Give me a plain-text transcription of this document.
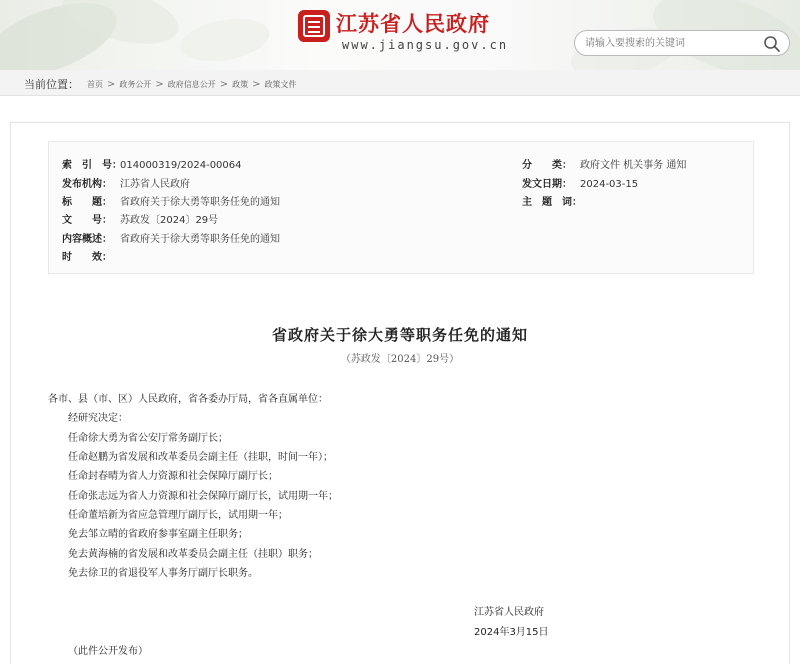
江苏省人民政府
www.jiangsu.gov.cn
请输入要搜索的关键词
当前位置： 首页 > 政务公开 > 政府信息公开 > 政策 > 政策文件
索　引　号：014000319/2024-00064
发布机构： 江苏省人民政府
标　　题： 省政府关于徐大勇等职务任免的通知
文　　号： 苏政发〔2024〕29号
内容概述： 省政府关于徐大勇等职务任免的通知
时　　效：
分　　类： 政府文件 机关事务 通知
发文日期： 2024-03-15
主　题　词：
省政府关于徐大勇等职务任免的通知
（苏政发〔2024〕29号）
各市、县（市、区）人民政府，省各委办厅局，省各直属单位：
经研究决定：
任命徐大勇为省公安厅常务副厅长；
任命赵鹏为省发展和改革委员会副主任（挂职，时间一年）；
任命封春晴为省人力资源和社会保障厅副厅长；
任命张志远为省人力资源和社会保障厅副厅长，试用期一年；
任命董培新为省应急管理厅副厅长，试用期一年；
免去邹立晴的省政府参事室副主任职务；
免去黄海楠的省发展和改革委员会副主任（挂职）职务；
免去徐卫的省退役军人事务厅副厅长职务。
江苏省人民政府
2024年3月15日
（此件公开发布）
